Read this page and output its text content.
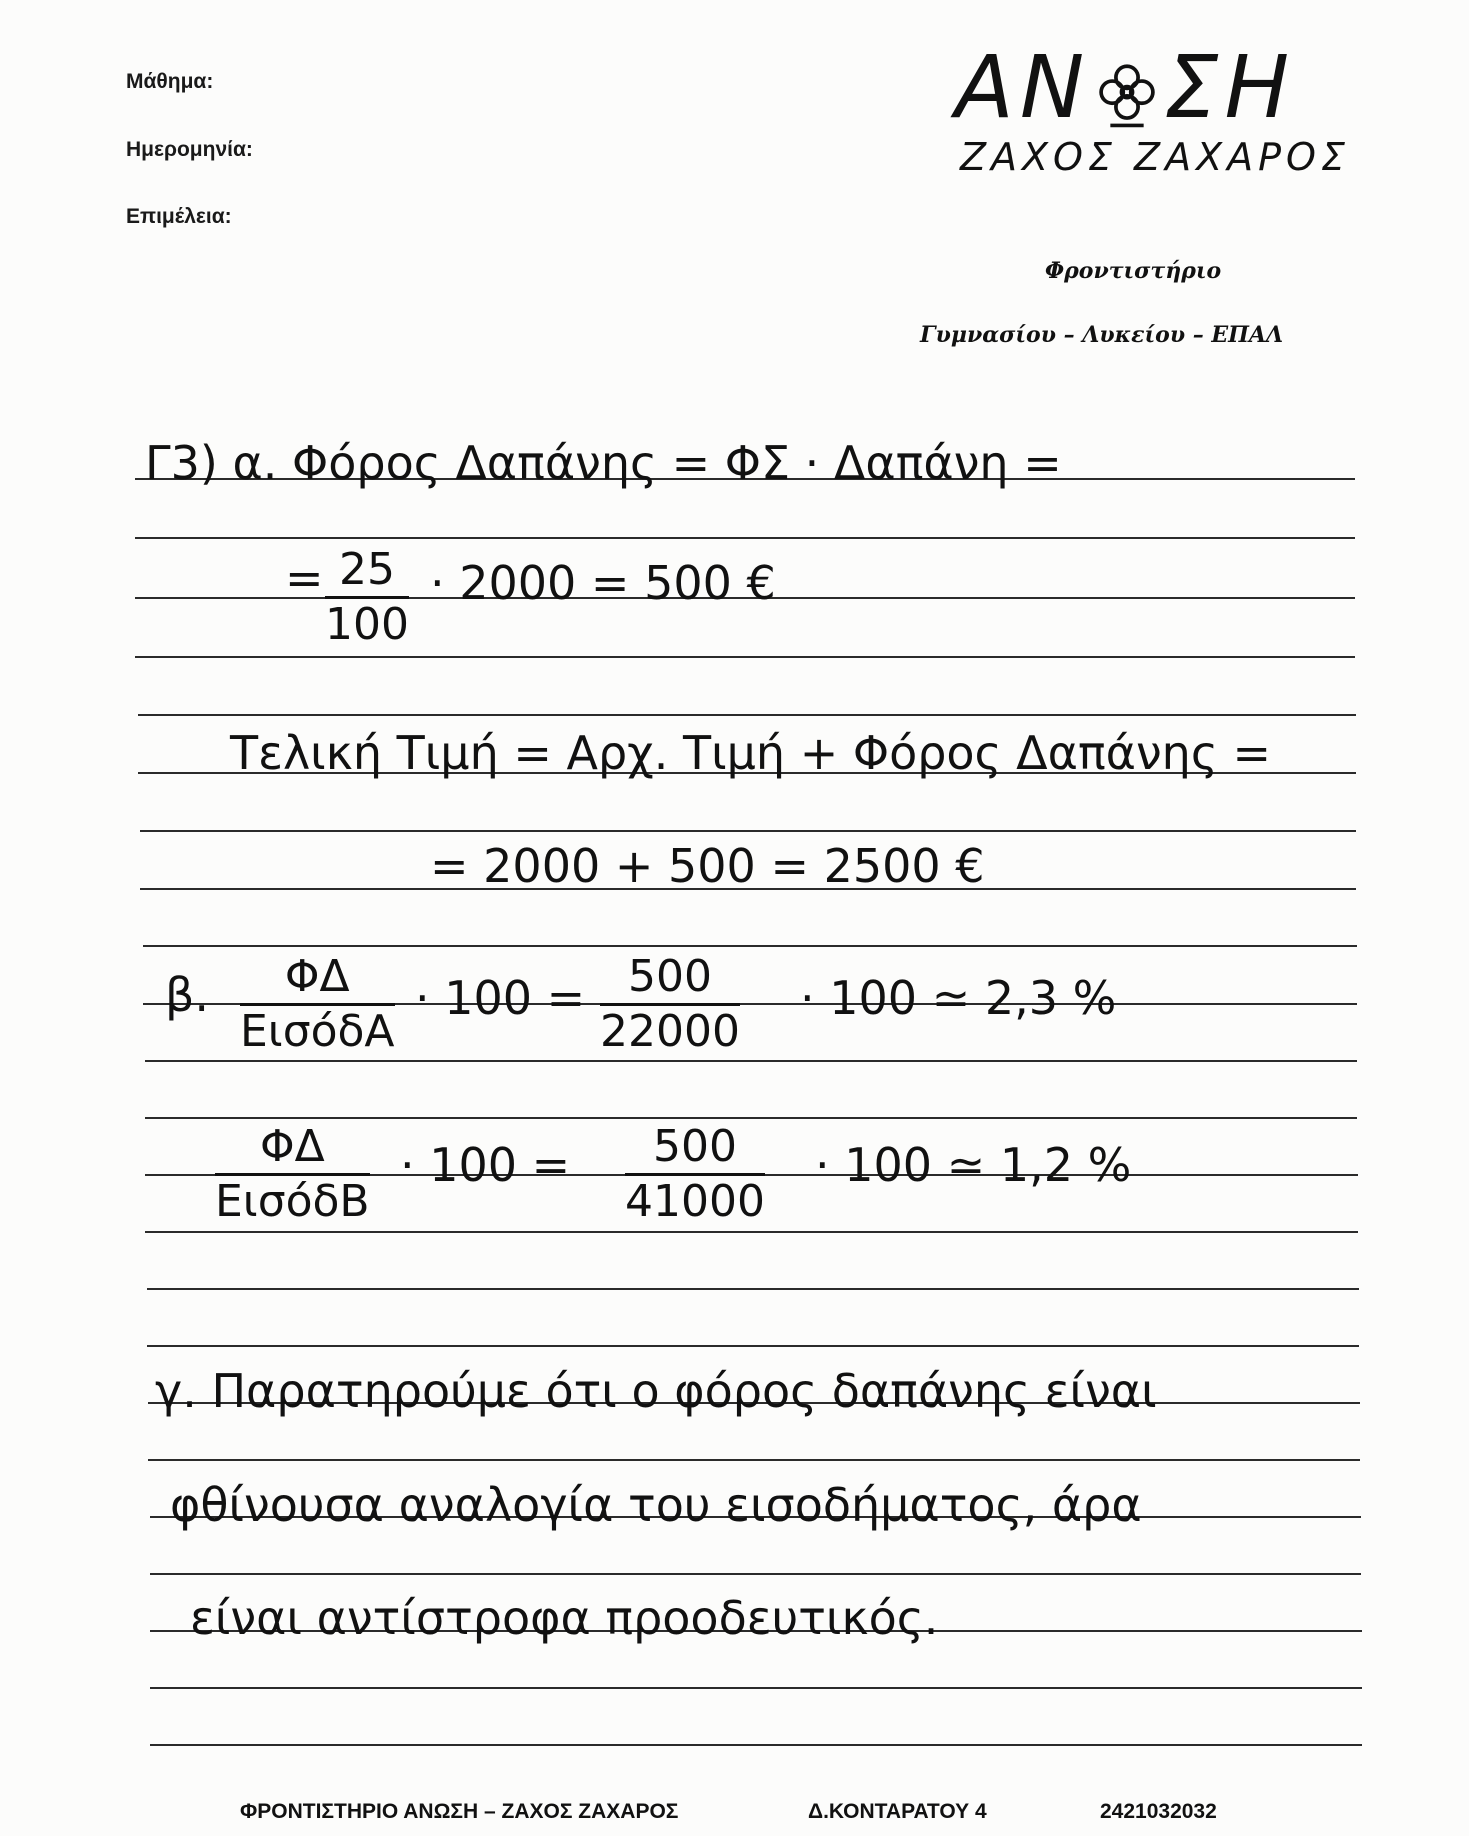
Μάθημα:
Ημερομηνία:
Επιμέλεια:
ΑΝ ΣΗ
ΖΑΧΟΣ ΖΑΧΑΡΟΣ
Φροντιστήριο
Γυμνασίου – Λυκείου – ΕΠΑΛ
Γ3) α. Φόρος Δαπάνης = ΦΣ · Δαπάνη =
= $\frac{25}{100} \cdot 2000 = 500$ €
Τελική Τιμή = Αρχ. Τιμή + Φόρος Δαπάνης =
= 2000 + 500 = 2500 €
β.	ΦΔ
ΕισόδΑ
· $100 = \frac{500}{22000} \cdot 100$ ≃ 2,3 %
ΦΔ
ΕισόδΒ
· $100 = \frac{500}{41000} \cdot 100$ ≃ 1,2 %
γ. Παρατηρούμε ότι ο φόρος δαπάνης είναι
φθίνουσα αναλογία του εισοδήματος, άρα
είναι αντίστροφα προοδευτικός.
ΦΡΟΝΤΙΣΤΗΡΙΟ ΑΝΩΣΗ – ΖΑΧΟΣ ΖΑΧΑΡΟΣ	Δ.ΚΟΝΤΑΡΑΤΟΥ 4	2421032032
